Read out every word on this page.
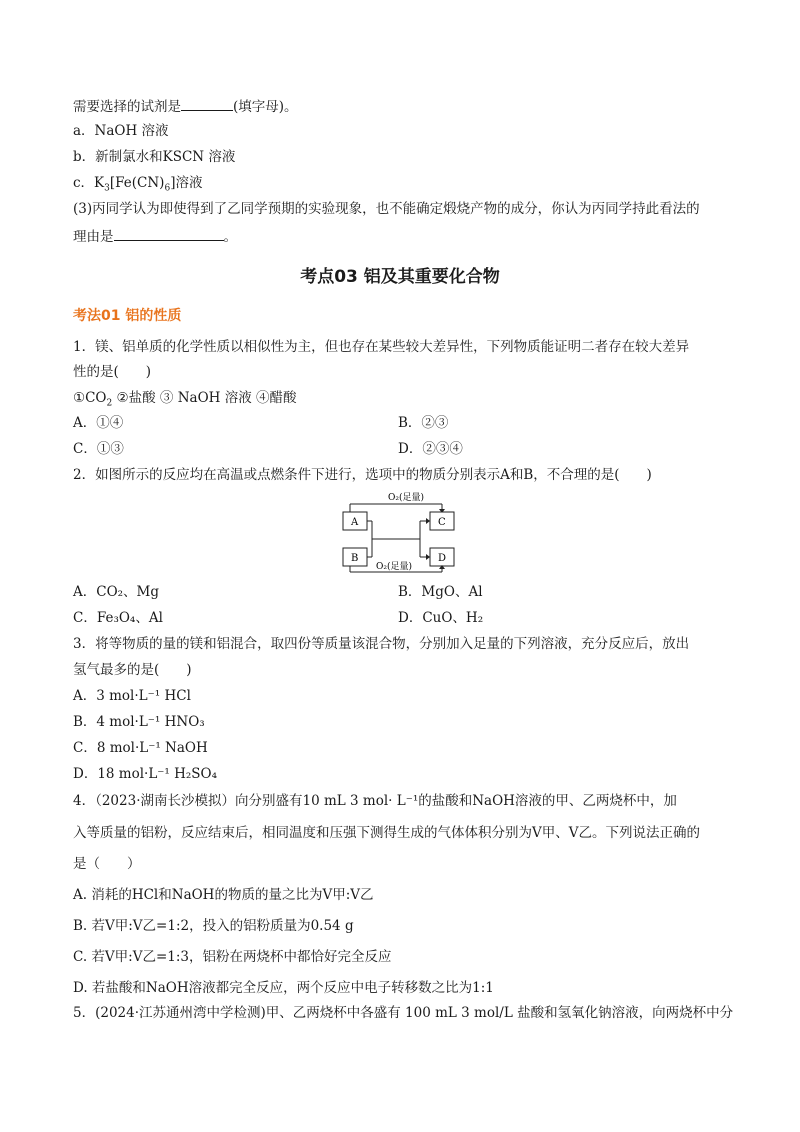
需要选择的试剂是	(填字母)。
a．NaOH 溶液
b．新制氯水和KSCN 溶液
c．$K_3[Fe(CN)_6]$溶液
(3)丙同学认为即使得到了乙同学预期的实验现象，也不能确定煅烧产物的成分，你认为丙同学持此看法的
理由是	。
考点03 铝及其重要化合物
考法01 铝的性质
1．镁、铝单质的化学性质以相似性为主，但也存在某些较大差异性，下列物质能证明二者存在较大差异
性的是(　　)
$①CO_2$ ②盐酸 ③ NaOH 溶液 ④醋酸
A．①④	B．②③
C．①③	D．②③④
2．如图所示的反应均在高温或点燃条件下进行，选项中的物质分别表示A和B，不合理的是(　　)
O₂(足量)
A	C
B	D
O₂(足量)
A．CO₂、Mg	B．MgO、Al
C．Fe₃O₄、Al	D．CuO、H₂
3．将等物质的量的镁和铝混合，取四份等质量该混合物，分别加入足量的下列溶液，充分反应后，放出
氢气最多的是(　　)
A．3 mol·L⁻¹ HCl
B．4 mol·L⁻¹ HNO₃
C．8 mol·L⁻¹ NaOH
D．18 mol·L⁻¹ H₂SO₄
4．（2023·湖南长沙模拟）向分别盛有10 mL 3 mol· L⁻¹的盐酸和NaOH溶液的甲、乙两烧杯中，加
入等质量的铝粉，反应结束后，相同温度和压强下测得生成的气体体积分别为V甲、V乙。下列说法正确的
是（　　）
A. 消耗的HCl和NaOH的物质的量之比为V甲:V乙
B. 若V甲:V乙=1:2，投入的铝粉质量为0.54 g
C. 若V甲:V乙=1:3，铝粉在两烧杯中都恰好完全反应
D. 若盐酸和NaOH溶液都完全反应，两个反应中电子转移数之比为1:1
5．(2024·江苏通州湾中学检测)甲、乙两烧杯中各盛有 100 mL 3 mol/L 盐酸和氢氧化钠溶液，向两烧杯中分
